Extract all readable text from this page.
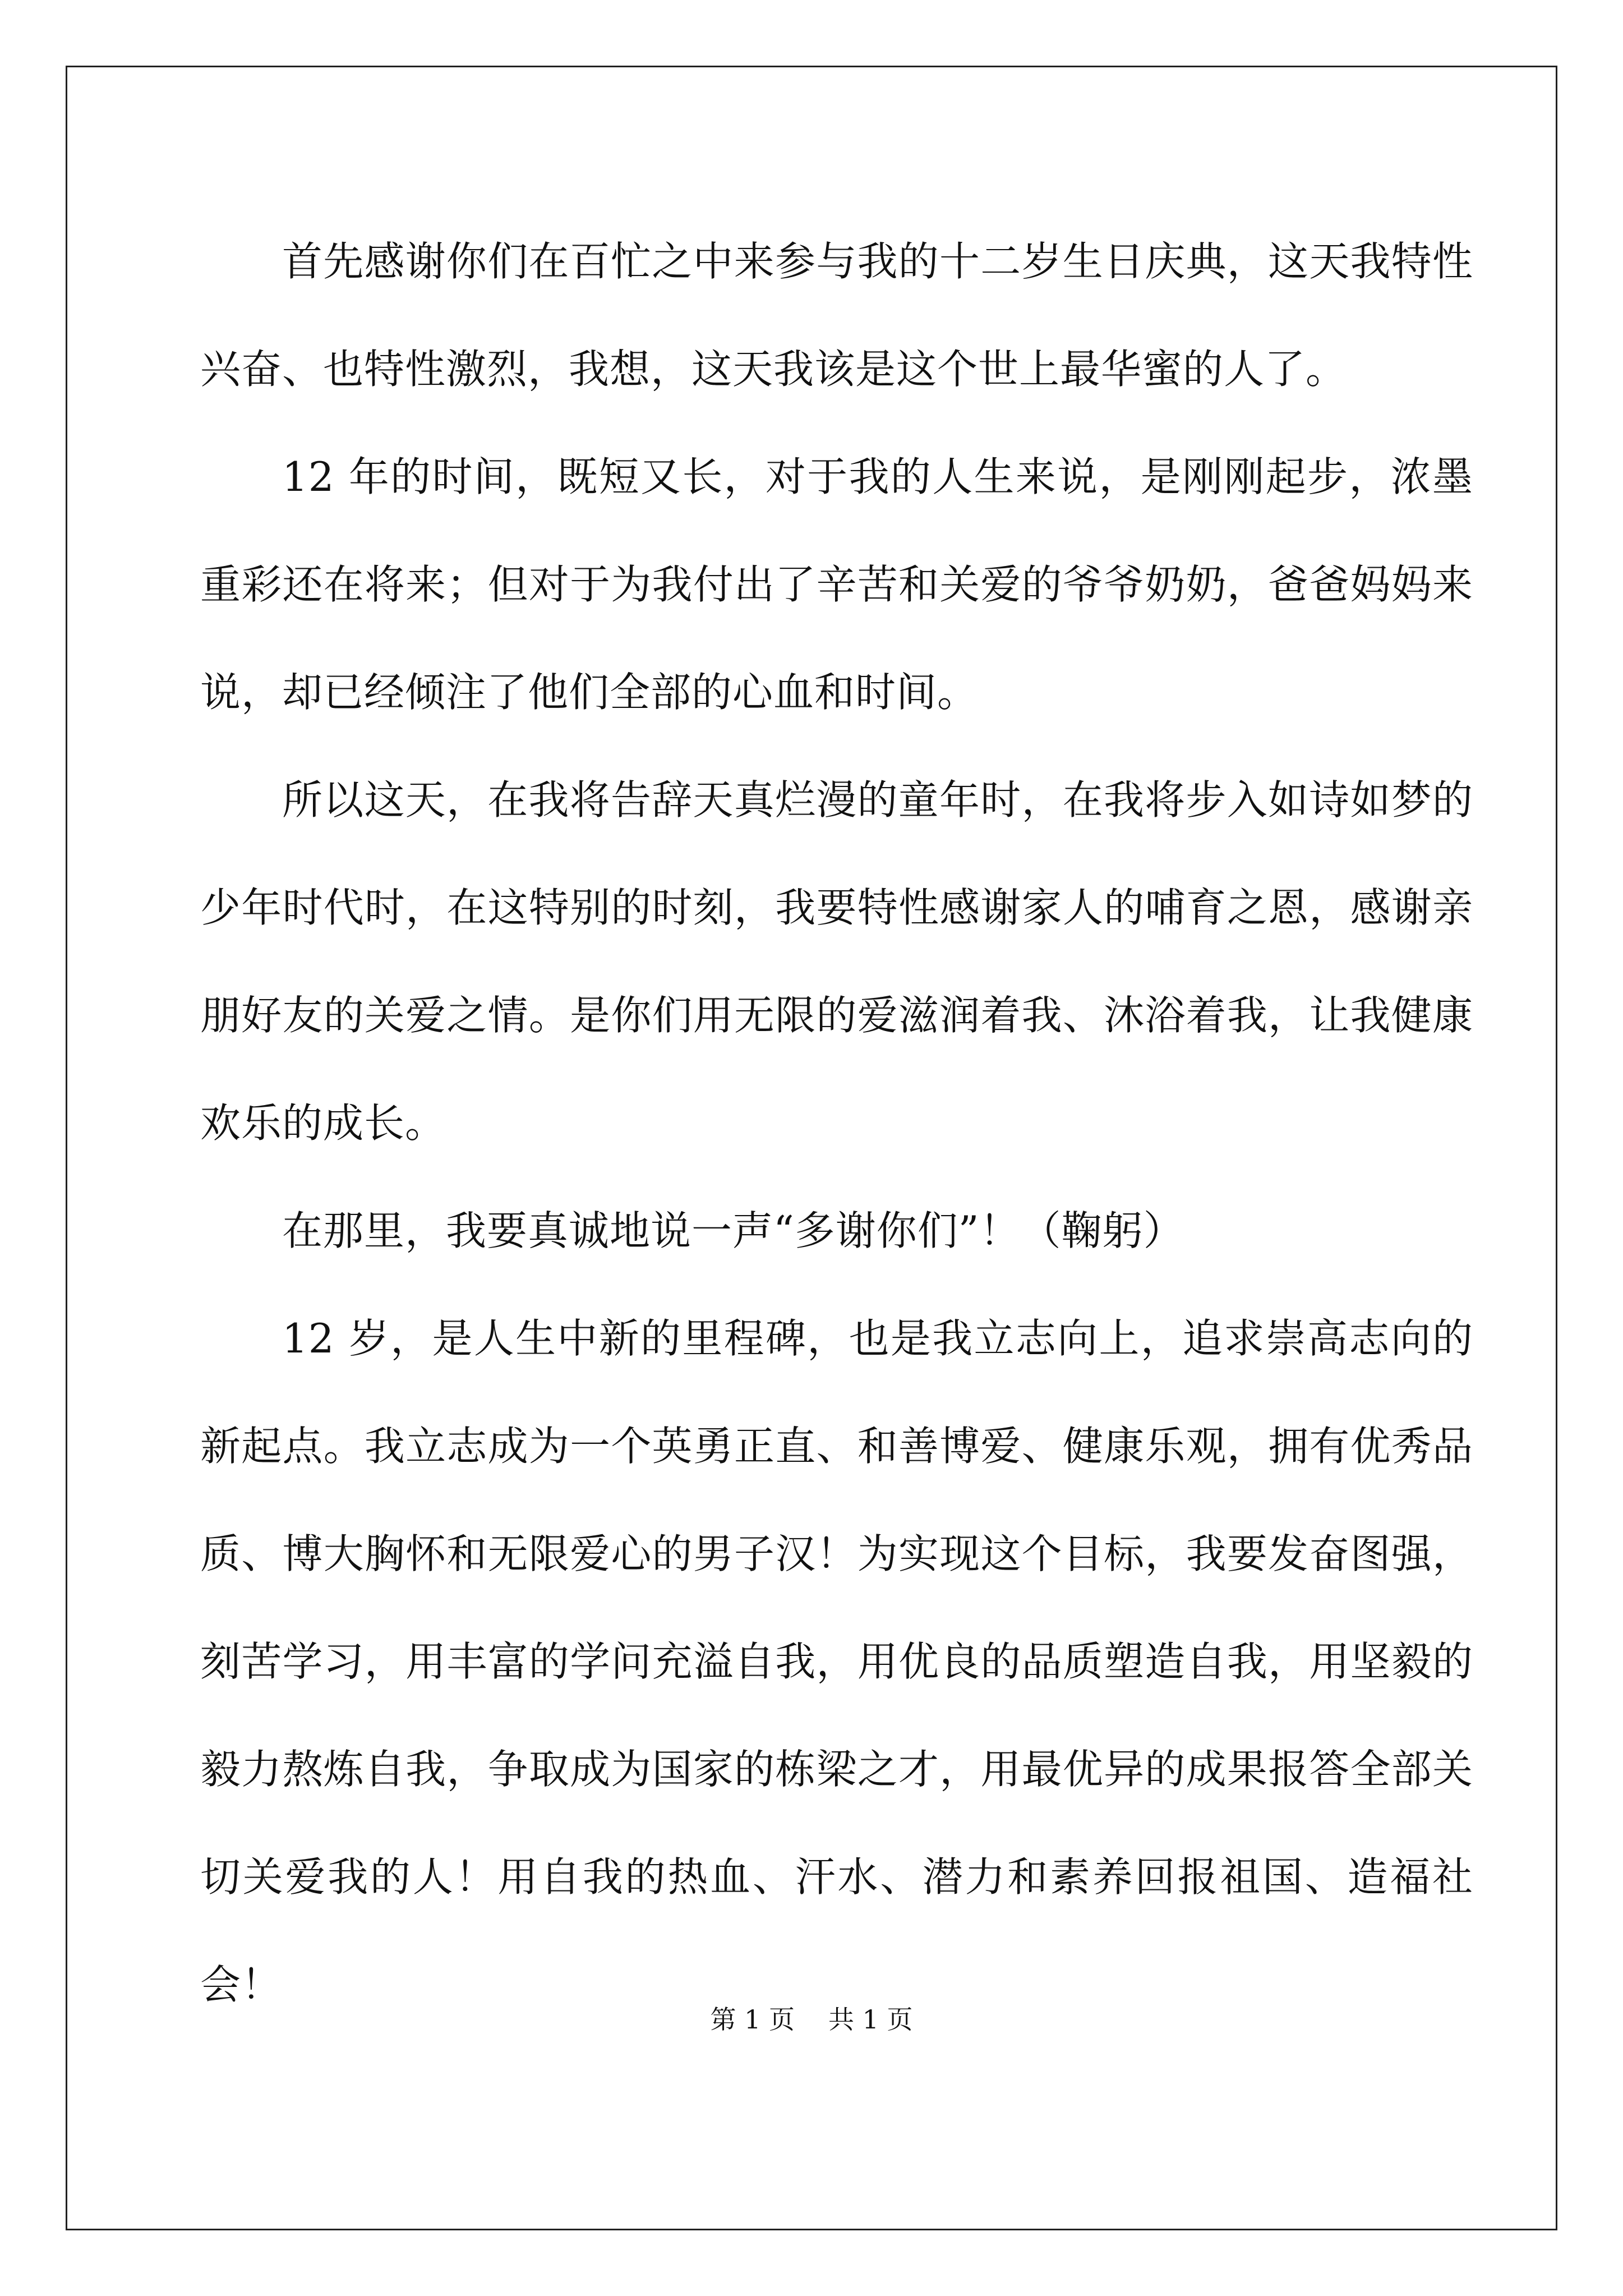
首先感谢你们在百忙之中来参与我的十二岁生日庆典，这天我特性兴奋、也特性激烈，我想，这天我该是这个世上最华蜜的人了。

12 年的时间，既短又长，对于我的人生来说，是刚刚起步，浓墨重彩还在将来；但对于为我付出了辛苦和关爱的爷爷奶奶，爸爸妈妈来说，却已经倾注了他们全部的心血和时间。

所以这天，在我将告辞天真烂漫的童年时，在我将步入如诗如梦的少年时代时，在这特别的时刻，我要特性感谢家人的哺育之恩，感谢亲朋好友的关爱之情。是你们用无限的爱滋润着我、沐浴着我，让我健康欢乐的成长。

在那里，我要真诚地说一声“多谢你们”！（鞠躬）

12 岁，是人生中新的里程碑，也是我立志向上，追求崇高志向的新起点。我立志成为一个英勇正直、和善博爱、健康乐观，拥有优秀品质、博大胸怀和无限爱心的男子汉！为实现这个目标，我要发奋图强，刻苦学习，用丰富的学问充溢自我，用优良的品质塑造自我，用坚毅的毅力熬炼自我，争取成为国家的栋梁之才，用最优异的成果报答全部关切关爱我的人！用自我的热血、汗水、潜力和素养回报祖国、造福社会！

第 1 页 共 1 页
